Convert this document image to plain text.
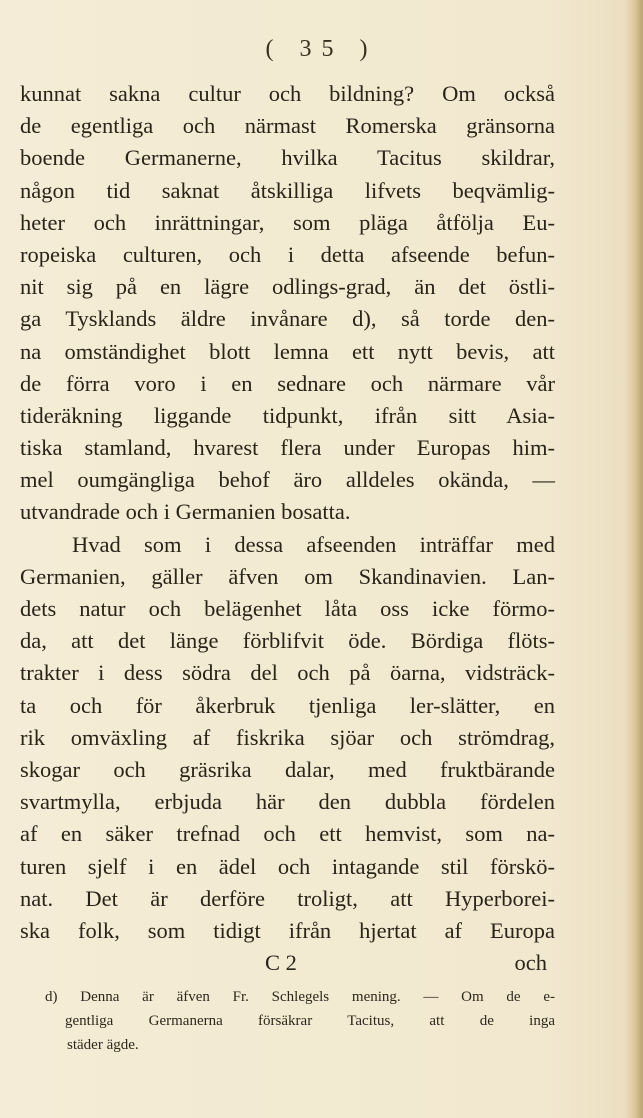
( 35 )
kunnat sakna cultur och bildning? Om också
de egentliga och närmast Romerska gränsorna
boende Germanerne, hvilka Tacitus skildrar,
någon tid saknat åtskilliga lifvets beqvämlig-
heter och inrättningar, som pläga åtfölja Eu-
ropeiska culturen, och i detta afseende befun-
nit sig på en lägre odlings-grad, än det östli-
ga Tysklands äldre invånare d), så torde den-
na omständighet blott lemna ett nytt bevis, att
de förra voro i en sednare och närmare vår
tideräkning liggande tidpunkt, ifrån sitt Asia-
tiska stamland, hvarest flera under Europas him-
mel oumgängliga behof äro alldeles okända, —
utvandrade och i Germanien bosatta.
Hvad som i dessa afseenden inträffar med
Germanien, gäller äfven om Skandinavien. Lan-
dets natur och belägenhet låta oss icke förmo-
da, att det länge förblifvit öde. Bördiga flöts-
trakter i dess södra del och på öarna, vidsträck-
ta och för åkerbruk tjenliga ler-slätter, en
rik omväxling af fiskrika sjöar och strömdrag,
skogar och gräsrika dalar, med fruktbärande
svartmylla, erbjuda här den dubbla fördelen
af en säker trefnad och ett hemvist, som na-
turen sjelf i en ädel och intagande stil förskö-
nat. Det är derföre troligt, att Hyperborei-
ska folk, som tidigt ifrån hjertat af Europa
C 2	och
d) Denna är äfven Fr. Schlegels mening. — Om de e-
gentliga Germanerna försäkrar Tacitus, att de inga
städer ägde.
